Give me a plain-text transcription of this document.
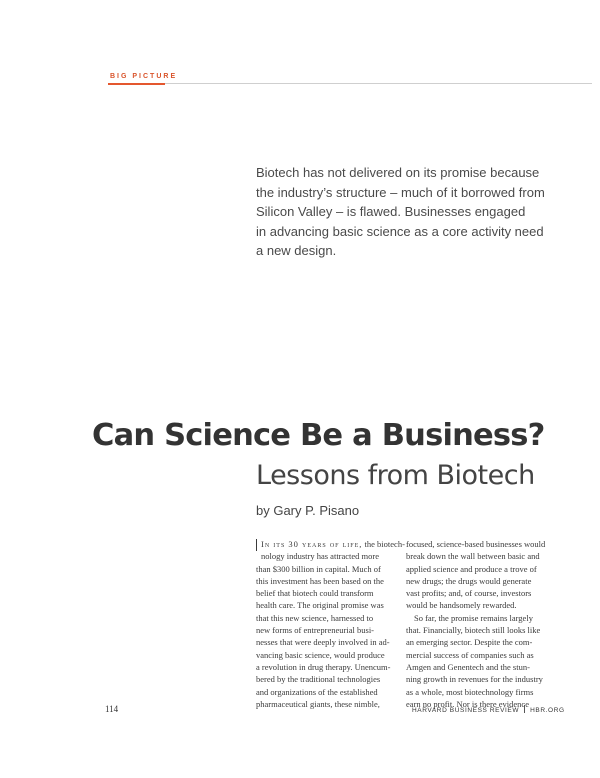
BIG PICTURE
Biotech has not delivered on its promise because
the industry’s structure – much of it borrowed from
Silicon Valley – is flawed. Businesses engaged
in advancing basic science as a core activity need
a new design.
Can Science Be a Business?
Lessons from Biotech
by Gary P. Pisano
In its 30 years of life, the biotech-
nology industry has attracted more
than $300 billion in capital. Much of
this investment has been based on the
belief that biotech could transform
health care. The original promise was
that this new science, harnessed to
new forms of entrepreneurial busi-
nesses that were deeply involved in ad-
vancing basic science, would produce
a revolution in drug therapy. Unencum-
bered by the traditional technologies
and organizations of the established
pharmaceutical giants, these nimble,
focused, science-based businesses would
break down the wall between basic and
applied science and produce a trove of
new drugs; the drugs would generate
vast profits; and, of course, investors
would be handsomely rewarded.
So far, the promise remains largely
that. Financially, biotech still looks like
an emerging sector. Despite the com-
mercial success of companies such as
Amgen and Genentech and the stun-
ning growth in revenues for the industry
as a whole, most biotechnology firms
earn no profit. Nor is there evidence
114	HARVARD BUSINESS REVIEW HBR.ORG
